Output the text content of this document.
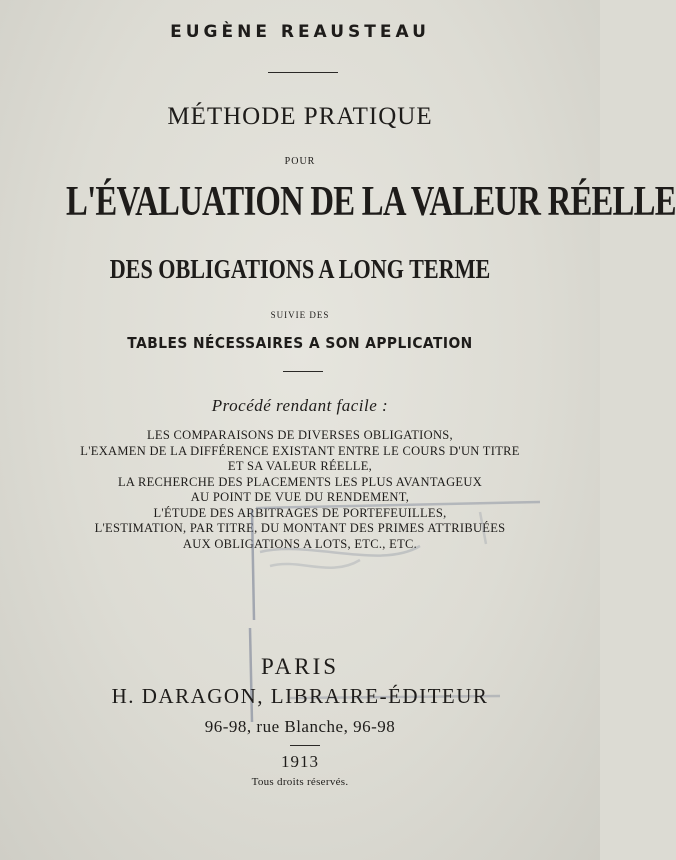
EUGÈNE REAUSTEAU
MÉTHODE PRATIQUE
POUR
L'ÉVALUATION DE LA VALEUR RÉELLE
DES OBLIGATIONS A LONG TERME
SUIVIE DES
TABLES NÉCESSAIRES A SON APPLICATION
Procédé rendant facile :
LES COMPARAISONS DE DIVERSES OBLIGATIONS,
L'EXAMEN DE LA DIFFÉRENCE EXISTANT ENTRE LE COURS D'UN TITRE
ET SA VALEUR RÉELLE,
LA RECHERCHE DES PLACEMENTS LES PLUS AVANTAGEUX
AU POINT DE VUE DU RENDEMENT,
L'ÉTUDE DES ARBITRAGES DE PORTEFEUILLES,
L'ESTIMATION, PAR TITRE, DU MONTANT DES PRIMES ATTRIBUÉES
AUX OBLIGATIONS A LOTS, ETC., ETC.
PARIS
H. DARAGON, LIBRAIRE-ÉDITEUR
96-98, rue Blanche, 96-98
1913
Tous droits réservés.
